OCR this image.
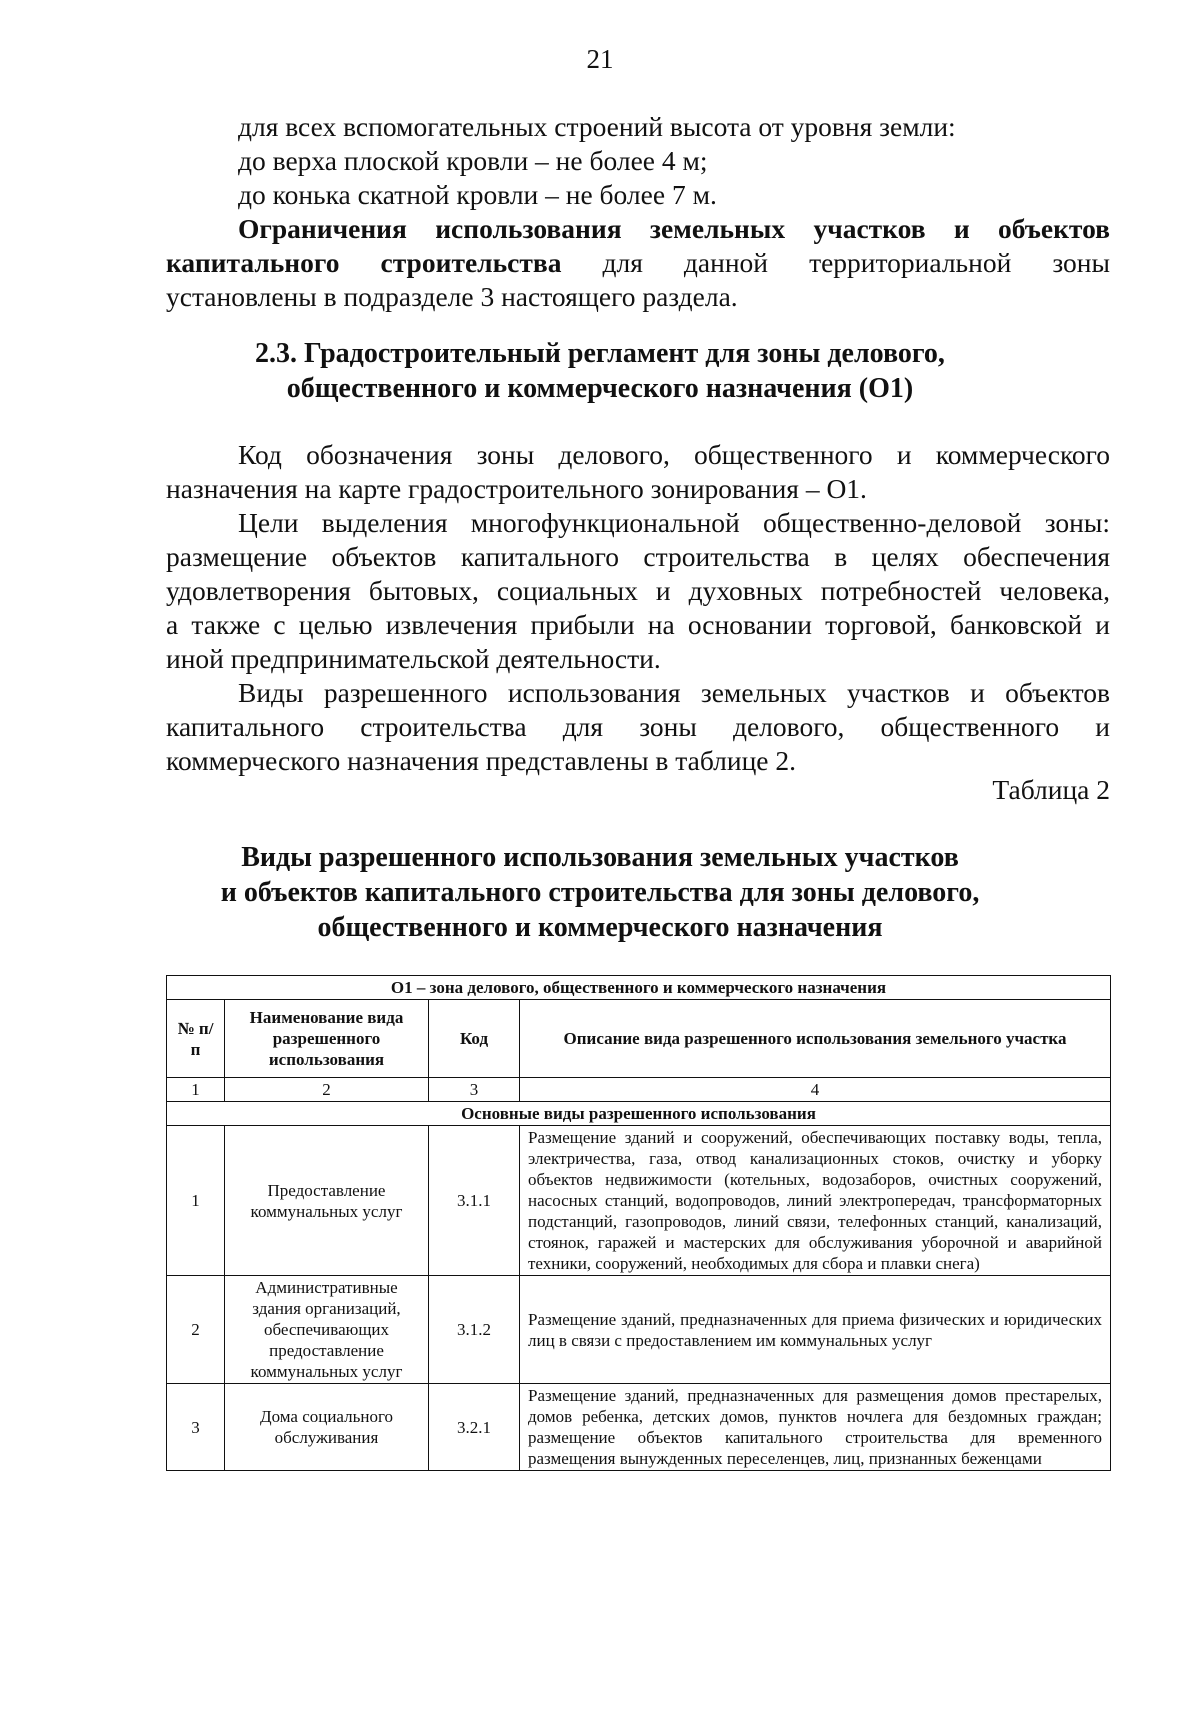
21

для всех вспомогательных строений высота от уровня земли:

до верха плоской кровли – не более 4 м;

до конька скатной кровли – не более 7 м.

Ограничения использования земельных участков и объектов

капитального строительства для данной территориальной зоны

установлены в подразделе 3 настоящего раздела.

2.3. Градостроительный регламент для зоны делового,
общественного и коммерческого назначения (О1)

Код обозначения зоны делового, общественного и коммерческого

назначения на карте градостроительного зонирования – О1.

Цели выделения многофункциональной общественно-деловой зоны:

размещение объектов капитального строительства в целях обеспечения

удовлетворения бытовых, социальных и духовных потребностей человека,

а также с целью извлечения прибыли на основании торговой, банковской и

иной предпринимательской деятельности.

Виды разрешенного использования земельных участков и объектов

капитального строительства для зоны делового, общественного и

коммерческого назначения представлены в таблице 2.

Таблица 2
Виды разрешенного использования земельных участков
и объектов капитального строительства для зоны делового,
общественного и коммерческого назначения
О1 – зона делового, общественного и коммерческого назначения			
№ п/п	Наименование вида разрешенного использования	Код	Описание вида разрешенного использования земельного участка
1	2	3	4
Основные виды разрешенного использования			
1	Предоставление коммунальных услуг	3.1.1	Размещение зданий и сооружений, обеспечивающих поставку воды, тепла, электричества, газа, отвод канализационных стоков, очистку и уборку объектов недвижимости (котельных, водозаборов, очистных сооружений, насосных станций, водопроводов, линий электропередач, трансформаторных подстанций, газопроводов, линий связи, телефонных станций, канализаций, стоянок, гаражей и мастерских для обслуживания уборочной и аварийной техники, сооружений, необходимых для сбора и плавки снега)
2	Административные здания организаций, обеспечивающих предоставление коммунальных услуг	3.1.2	Размещение зданий, предназначенных для приема физических и юридических лиц в связи с предоставлением им коммунальных услуг
3	Дома социального обслуживания	3.2.1	Размещение зданий, предназначенных для размещения домов престарелых, домов ребенка, детских домов, пунктов ночлега для бездомных граждан; размещение объектов капитального строительства для временного размещения вынужденных переселенцев, лиц, признанных беженцами
